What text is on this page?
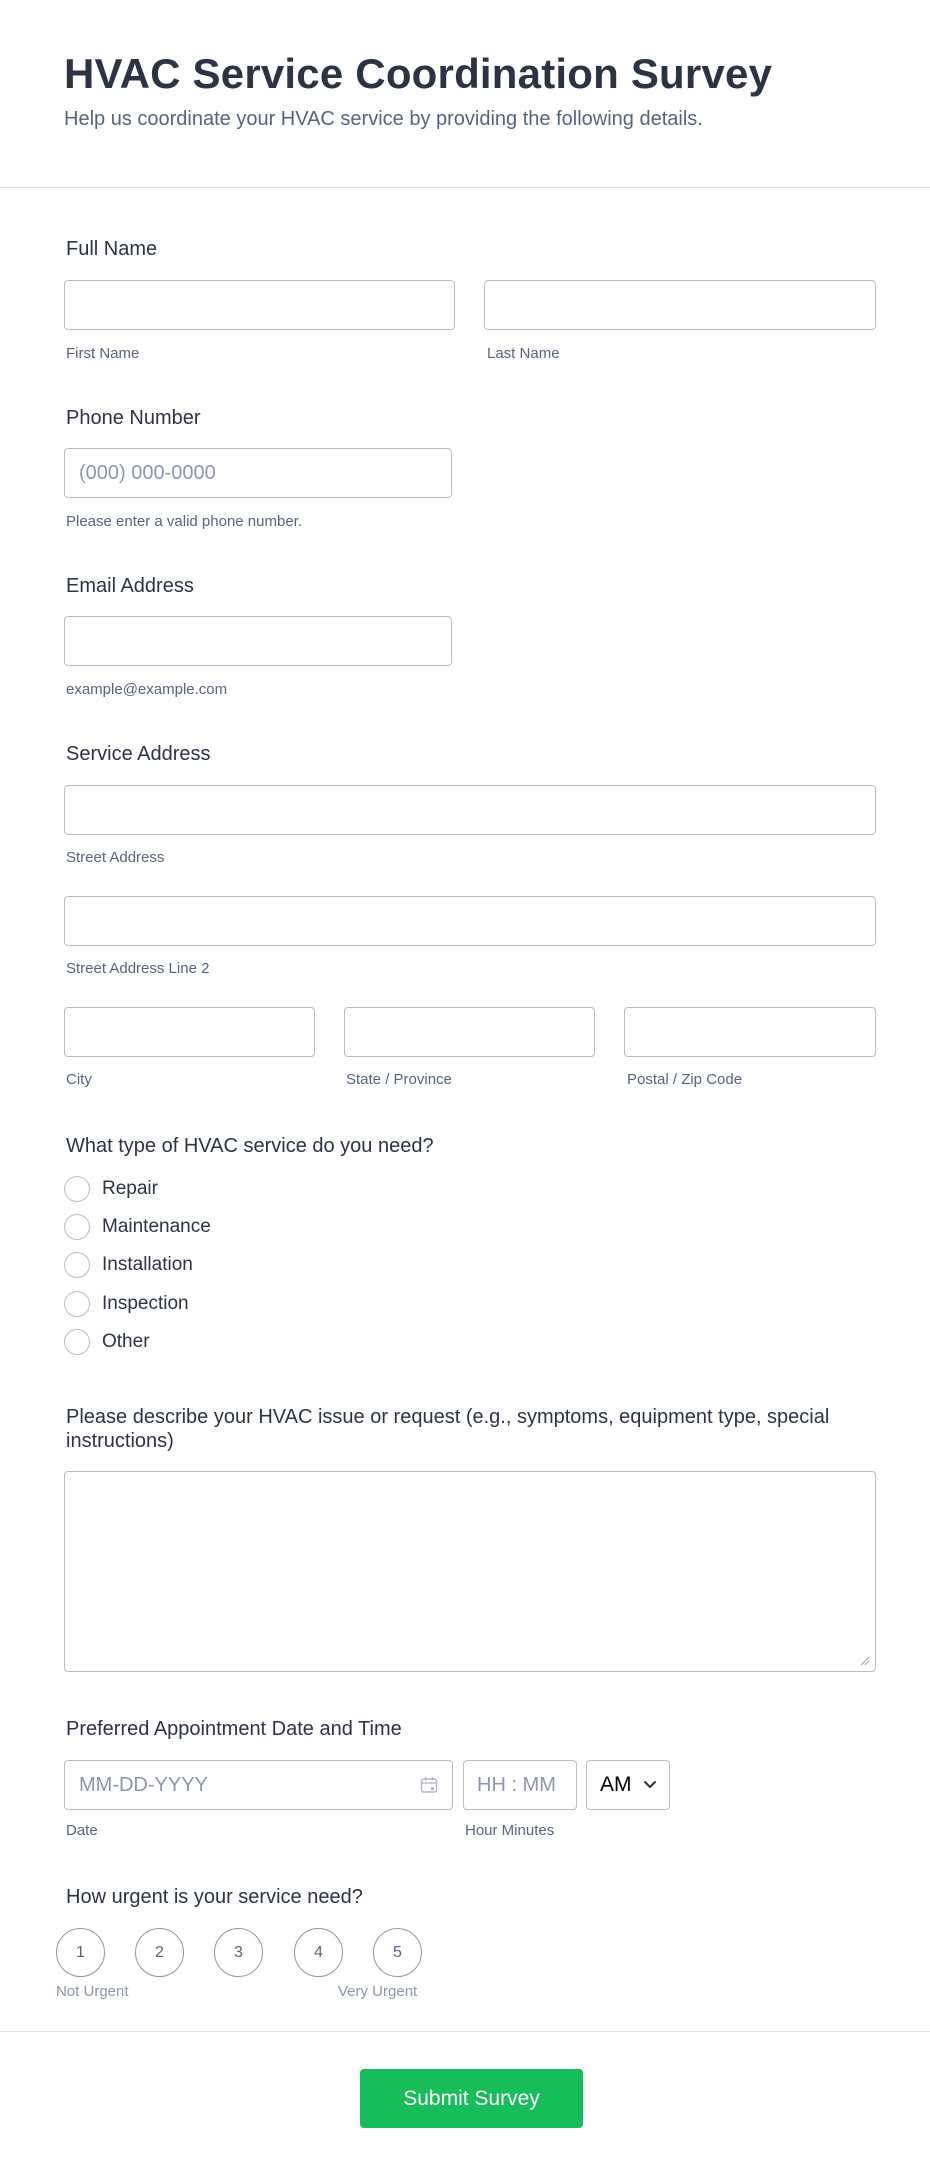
HVAC Service Coordination Survey
Help us coordinate your HVAC service by providing the following details.
Full Name
First Name	Last Name
Phone Number
(000) 000-0000
Please enter a valid phone number.
Email Address
example@example.com
Service Address
Street Address
Street Address Line 2
City	State / Province	Postal / Zip Code
What type of HVAC service do you need?
Repair
Maintenance
Installation
Inspection
Other
Please describe your HVAC issue or request (e.g., symptoms, equipment type, special instructions)
Preferred Appointment Date and Time
MM-DD-YYYY	HH : MM AM
Date	Hour Minutes
How urgent is your service need?
1	2	3	4	5
Not Urgent	Very Urgent
Submit Survey
